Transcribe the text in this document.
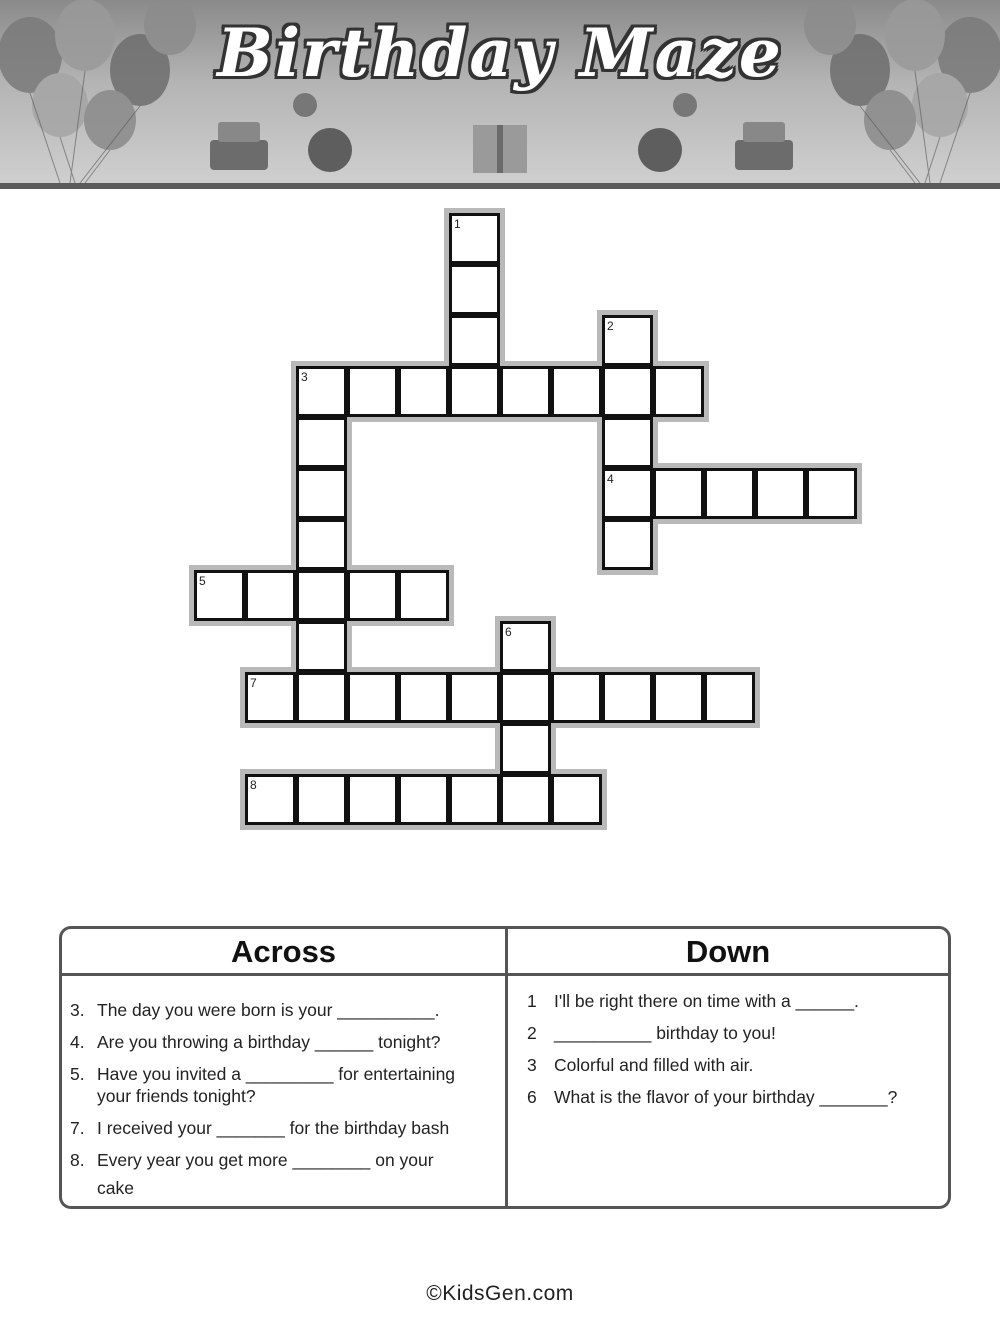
Birthday Maze
1
2
4
3
5
6
7
8
Across	Down
3. The day you were born is your __________.
4. Are you throwing a birthday ______ tonight?
5. Have you invited a _________ for entertaining
your friends tonight?
7. I received your _______ for the birthday bash
8. Every year you get more ________ on your
cake
1 I'll be right there on time with a ______.
2 __________ birthday to you!
3 Colorful and filled with air.
6 What is the flavor of your birthday _______?
©KidsGen.com
